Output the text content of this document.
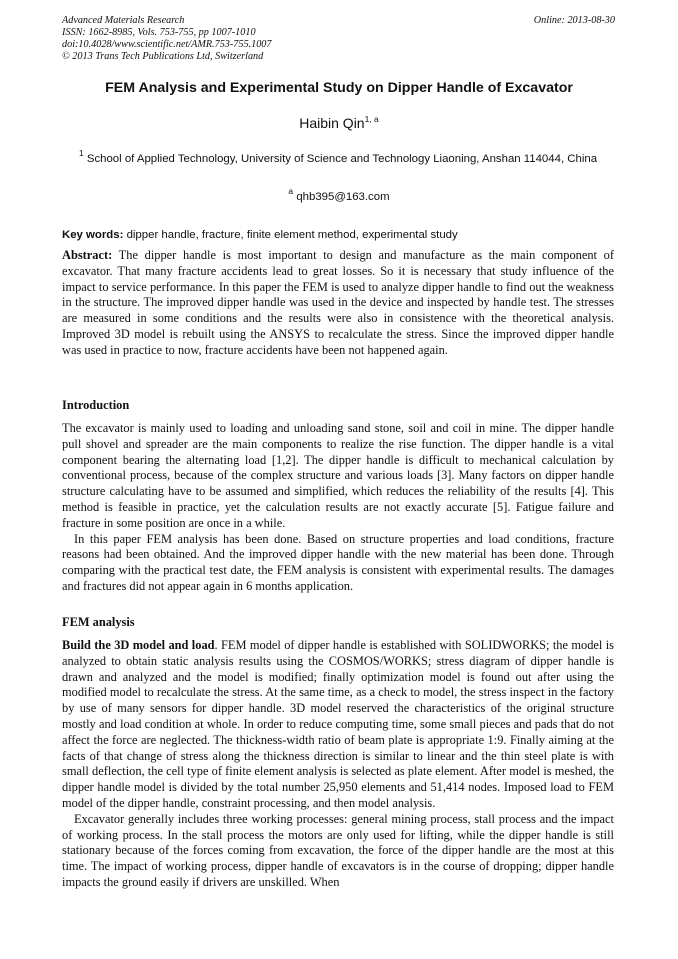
Advanced Materials Research
ISSN: 1662-8985, Vols. 753-755, pp 1007-1010
doi:10.4028/www.scientific.net/AMR.753-755.1007
© 2013 Trans Tech Publications Ltd, Switzerland
Online: 2013-08-30
FEM Analysis and Experimental Study on Dipper Handle of Excavator
Haibin Qin$^{1, a}$
$^1$ School of Applied Technology, University of Science and Technology Liaoning, Anshan 114044, China
$^a$ qhb395@163.com
Key words: dipper handle, fracture, finite element method, experimental study

Abstract: The dipper handle is most important to design and manufacture as the main component of excavator. That many fracture accidents lead to great losses. So it is necessary that study influence of the impact to service performance. In this paper the FEM is used to analyze dipper handle to find out the weakness in the structure. The improved dipper handle was used in the device and inspected by handle test. The stresses are measured in some conditions and the results were also in consistence with the theoretical analysis. Improved 3D model is rebuilt using the ANSYS to recalculate the stress. Since the improved dipper handle was used in practice to now, fracture accidents have been not happened again.

Introduction

The excavator is mainly used to loading and unloading sand stone, soil and coil in mine. The dipper handle pull shovel and spreader are the main components to realize the rise function. The dipper handle is a vital component bearing the alternating load [1,2]. The dipper handle is difficult to mechanical calculation by conventional process, because of the complex structure and various loads [3]. Many factors on dipper handle structure calculating have to be assumed and simplified, which reduces the reliability of the results [4]. This method is feasible in practice, yet the calculation results are not exactly accurate [5]. Fatigue failure and fracture in some position are once in a while.

In this paper FEM analysis has been done. Based on structure properties and load conditions, fracture reasons had been obtained. And the improved dipper handle with the new material has been done. Through comparing with the practical test date, the FEM analysis is consistent with experimental results. The damages and fractures did not appear again in 6 months application.

FEM analysis

Build the 3D model and load. FEM model of dipper handle is established with SOLIDWORKS; the model is analyzed to obtain static analysis results using the COSMOS/WORKS; stress diagram of dipper handle is drawn and analyzed and the model is modified; finally optimization model is found out after using the modified model to recalculate the stress. At the same time, as a check to model, the stress inspect in the factory by use of many sensors for dipper handle. 3D model reserved the characteristics of the original structure mostly and load condition at whole. In order to reduce computing time, some small pieces and pads that do not affect the force are neglected. The thickness-width ratio of beam plate is appropriate 1:9. Finally aiming at the facts of that change of stress along the thickness direction is similar to linear and the thin steel plate is with small deflection, the cell type of finite element analysis is selected as plate element. After model is meshed, the dipper handle model is divided by the total number 25,950 elements and 51,414 nodes. Imposed load to FEM model of the dipper handle, constraint processing, and then model analysis.

Excavator generally includes three working processes: general mining process, stall process and the impact of working process. In the stall process the motors are only used for lifting, while the dipper handle is still stationary because of the forces coming from excavation, the force of the dipper handle are the most at this time. The impact of working process, dipper handle of excavators is in the course of dropping; dipper handle impacts the ground easily if drivers are unskilled. When
